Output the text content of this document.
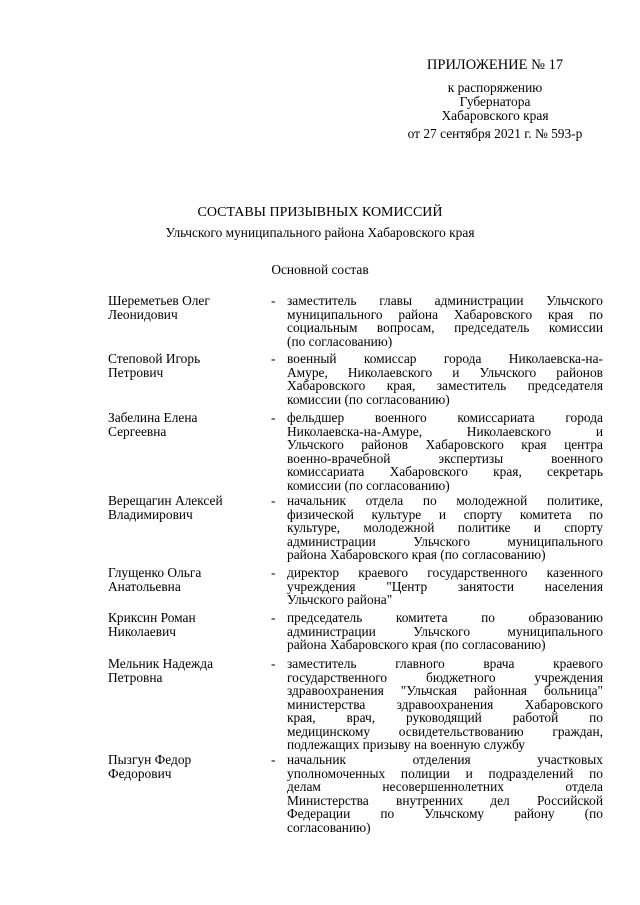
ПРИЛОЖЕНИЕ № 17
к распоряжению
Губернатора
Хабаровского края
от 27 сентября 2021 г. № 593-р
СОСТАВЫ ПРИЗЫВНЫХ КОМИССИЙ
Ульчского муниципального района Хабаровского края
Основной состав
Шереметьев Олег
Леонидович
- заместитель главы администрации Ульчского
муниципального района Хабаровского края по
социальным вопросам, председатель комиссии
(по согласованию)
Степовой Игорь
Петрович
- военный комиссар города Николаевска-на-
Амуре, Николаевского и Ульчского районов
Хабаровского края, заместитель председателя
комиссии (по согласованию)
Забелина Елена
Сергеевна
- фельдшер военного комиссариата города
Николаевска-на-Амуре, Николаевского и
Ульчского районов Хабаровского края центра
военно-врачебной экспертизы военного
комиссариата Хабаровского края, секретарь
комиссии (по согласованию)
Верещагин Алексей
Владимирович
- начальник отдела по молодежной политике,
физической культуре и спорту комитета по
культуре, молодежной политике и спорту
администрации Ульчского муниципального
района Хабаровского края (по согласованию)
Глущенко Ольга
Анатольевна
- директор краевого государственного казенного
учреждения "Центр занятости населения
Ульчского района"
Криксин Роман
Николаевич
- председатель комитета по образованию
администрации Ульчского муниципального
района Хабаровского края (по согласованию)
Мельник Надежда
Петровна
- заместитель главного врача краевого
государственного бюджетного учреждения
здравоохранения "Ульчская районная больница"
министерства здравоохранения Хабаровского
края, врач, руководящий работой по
медицинскому освидетельствованию граждан,
подлежащих призыву на военную службу
Пызгун Федор
Федорович
- начальник отделения участковых
уполномоченных полиции и подразделений по
делам несовершеннолетних отдела
Министерства внутренних дел Российской
Федерации по Ульчскому району (по
согласованию)
